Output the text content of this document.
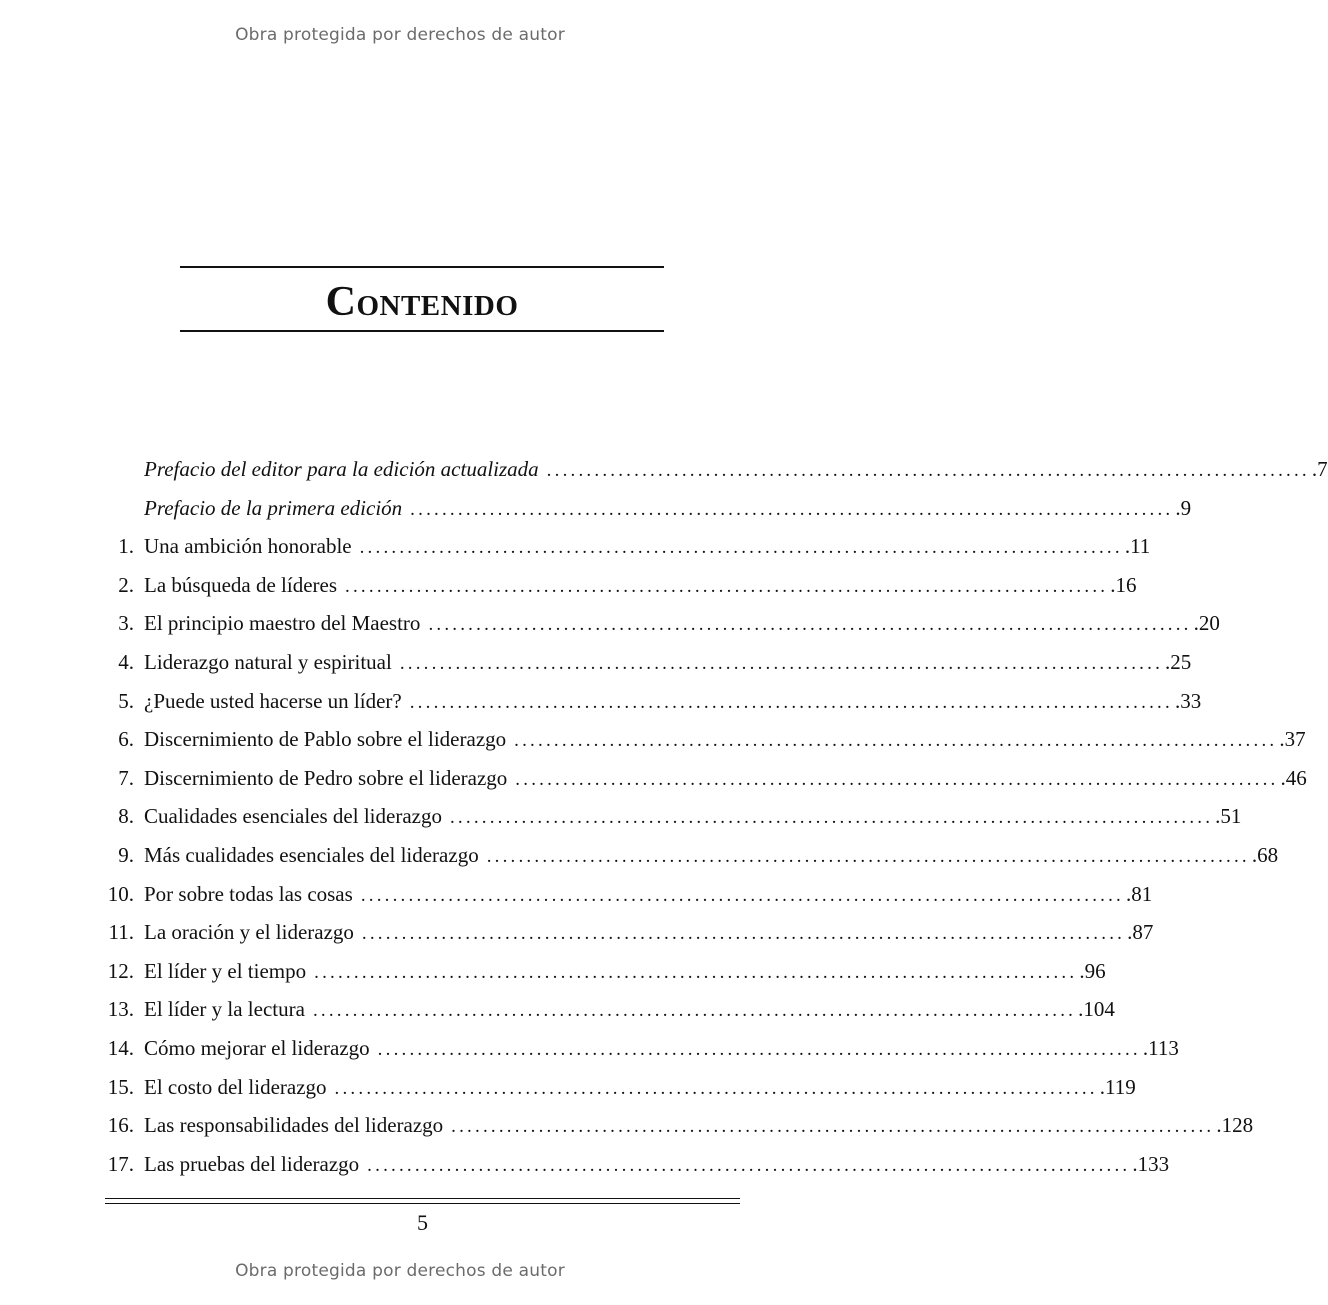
Obra protegida por derechos de autor
Contenido
Prefacio del editor para la edición actualizada ................................................................................................ .7
Prefacio de la primera edición ................................................................................................ .9
1. Una ambición honorable ................................................................................................ .11
2. La búsqueda de líderes ................................................................................................ .16
3. El principio maestro del Maestro ................................................................................................ .20
4. Liderazgo natural y espiritual ................................................................................................ .25
5. ¿Puede usted hacerse un líder? ................................................................................................ .33
6. Discernimiento de Pablo sobre el liderazgo ................................................................................................ .37
7. Discernimiento de Pedro sobre el liderazgo ................................................................................................ .46
8. Cualidades esenciales del liderazgo ................................................................................................ .51
9. Más cualidades esenciales del liderazgo ................................................................................................ .68
10. Por sobre todas las cosas ................................................................................................ .81
11. La oración y el liderazgo ................................................................................................ .87
12. El líder y el tiempo ................................................................................................ .96
13. El líder y la lectura ................................................................................................ .104
14. Cómo mejorar el liderazgo ................................................................................................ .113
15. El costo del liderazgo ................................................................................................ .119
16. Las responsabilidades del liderazgo ................................................................................................ .128
17. Las pruebas del liderazgo ................................................................................................ .133
5
Obra protegida por derechos de autor
